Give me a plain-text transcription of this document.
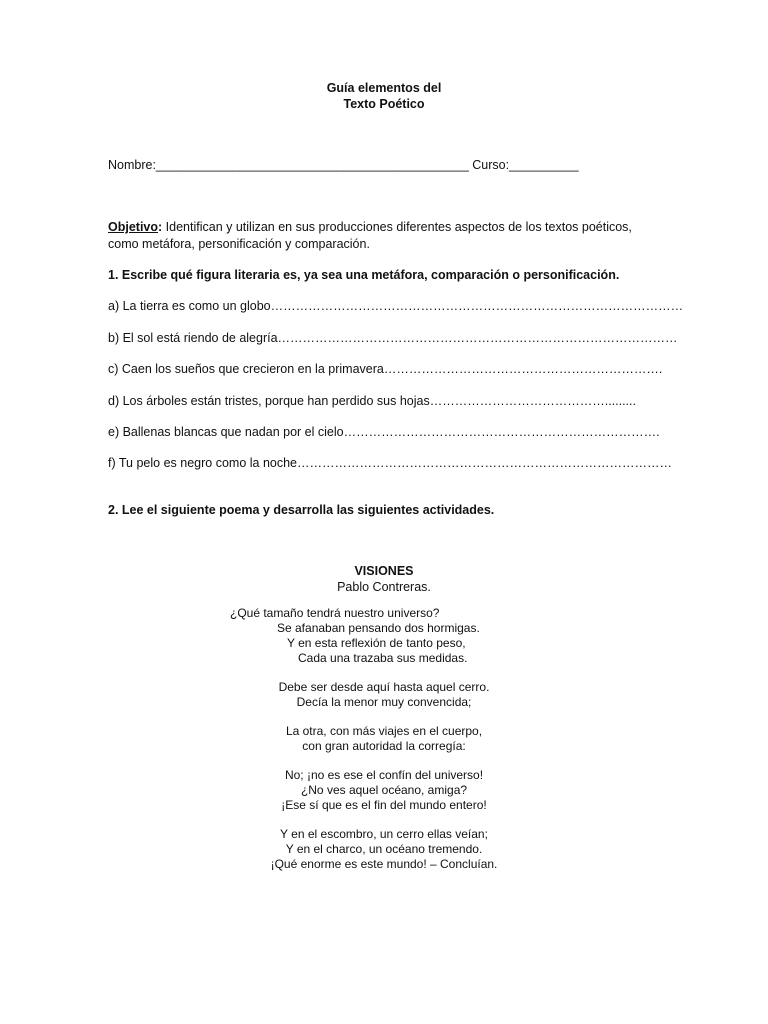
Guía elementos del
Texto Poético
Nombre:_____________________________________________ Curso:__________
Objetivo: Identifican y utilizan en sus producciones diferentes aspectos de los textos poéticos, como metáfora, personificación y comparación.
1. Escribe qué figura literaria es, ya sea una metáfora, comparación o personificación.
a) La tierra es como un globo………………………………………………………………………………………
b) El sol está riendo de alegría……………………………………………………………………………………
c) Caen los sueños que crecieron en la primavera………………………………………………………….
d) Los árboles están tristes, porque han perdido sus hojas…………………………………….........
e) Ballenas blancas que nadan por el cielo………………………………………………………………….
f) Tu pelo es negro como la noche………………………………………………………………………………
2. Lee el siguiente poema y desarrolla las siguientes actividades.
VISIONES
Pablo Contreras.
¿Qué tamaño tendrá nuestro universo?
Se afanaban pensando dos hormigas.
Y en esta reflexión de tanto peso,
Cada una trazaba sus medidas.
Debe ser desde aquí hasta aquel cerro.
Decía la menor muy convencida;
La otra, con más viajes en el cuerpo,
con gran autoridad la corregía:
No; ¡no es ese el confín del universo!
¿No ves aquel océano, amiga?
¡Ese sí que es el fin del mundo entero!
Y en el escombro, un cerro ellas veían;
Y en el charco, un océano tremendo.
¡Qué enorme es este mundo! – Concluían.
